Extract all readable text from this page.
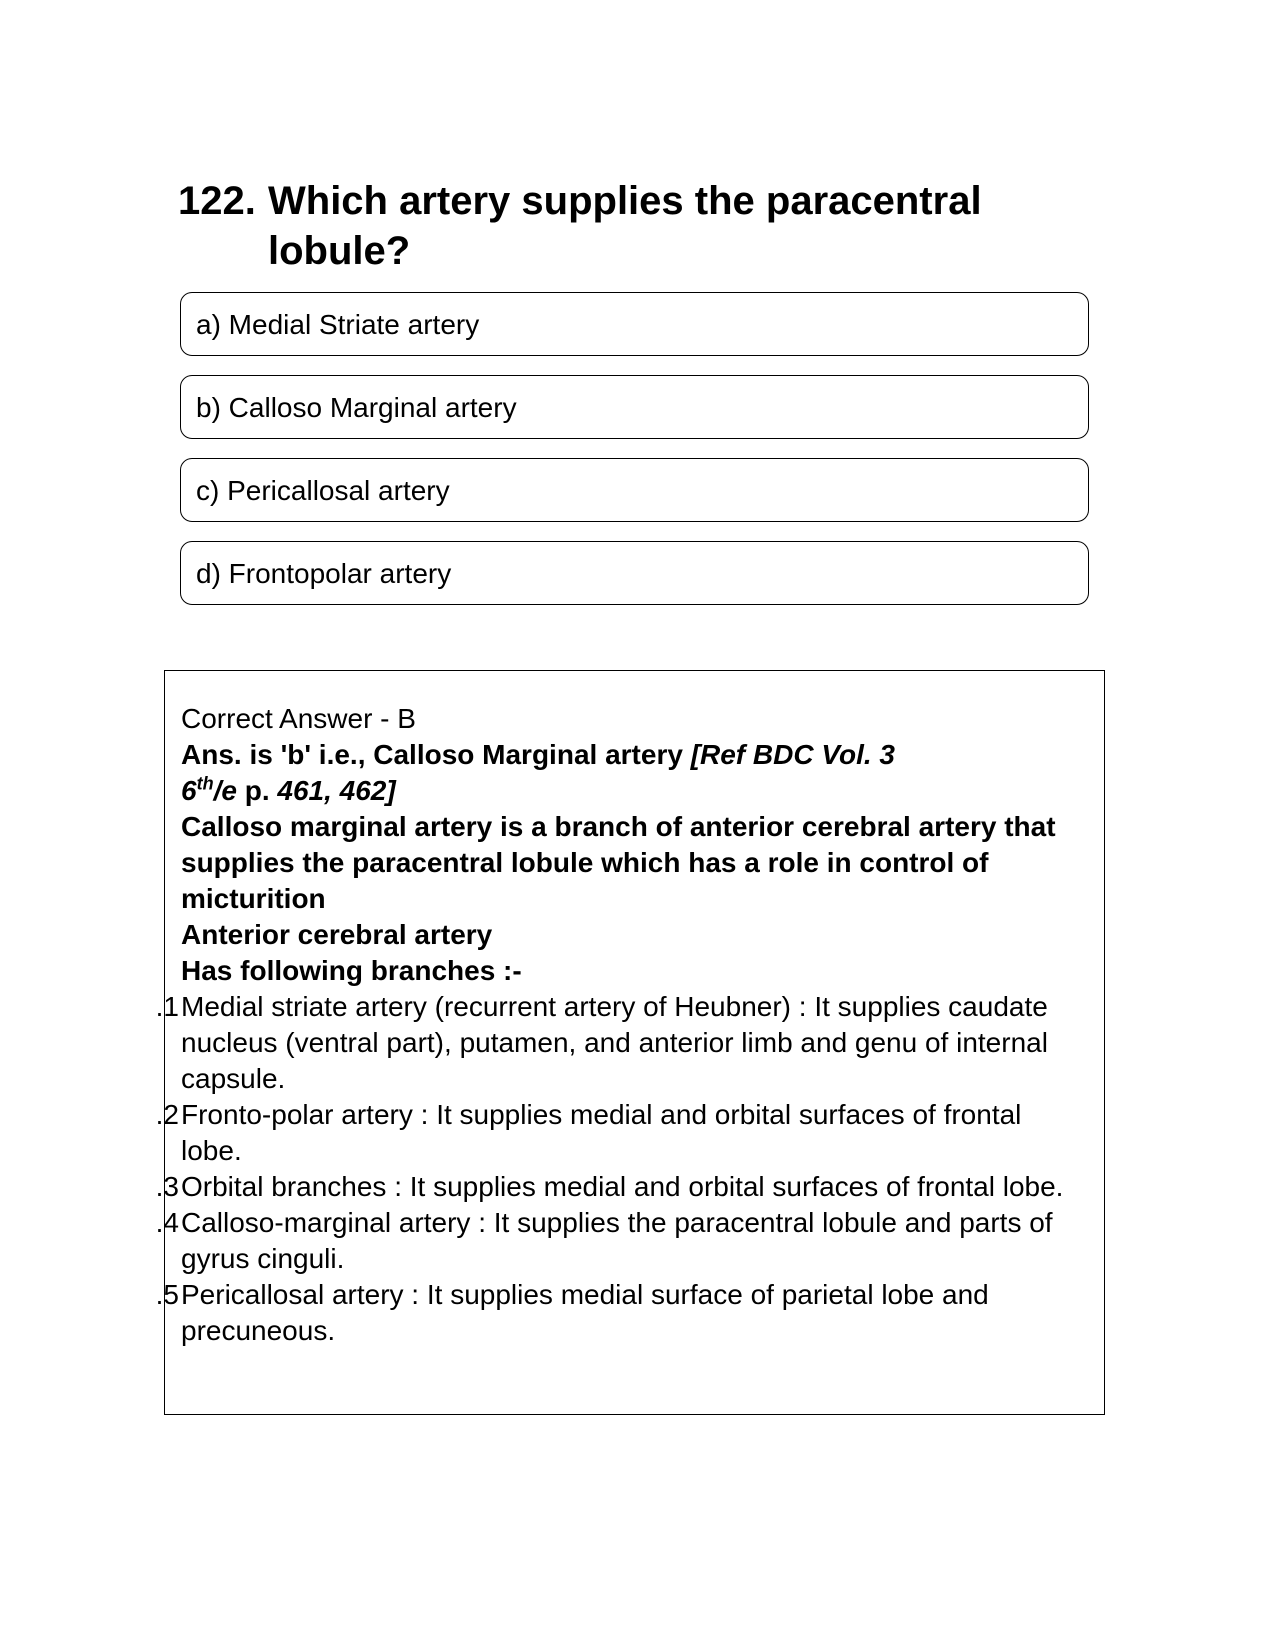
122. Which artery supplies the paracentral lobule?
a) Medial Striate artery
b) Calloso Marginal artery
c) Pericallosal artery
d) Frontopolar artery
Correct Answer - B
Ans. is 'b' i.e., Calloso Marginal artery [Ref BDC Vol. 3
6th/e p. 461, 462]
Calloso marginal artery is a branch of anterior cerebral artery that supplies the paracentral lobule which has a role in control of micturition
Anterior cerebral artery
Has following branches :-
1. Medial striate artery (recurrent artery of Heubner) : It supplies caudate nucleus (ventral part), putamen, and anterior limb and genu of internal capsule.
2. Fronto-polar artery : It supplies medial and orbital surfaces of frontal lobe.
3. Orbital branches : It supplies medial and orbital surfaces of frontal lobe.
4. Calloso-marginal artery : It supplies the paracentral lobule and parts of gyrus cinguli.
5. Pericallosal artery : It supplies medial surface of parietal lobe and precuneous.
